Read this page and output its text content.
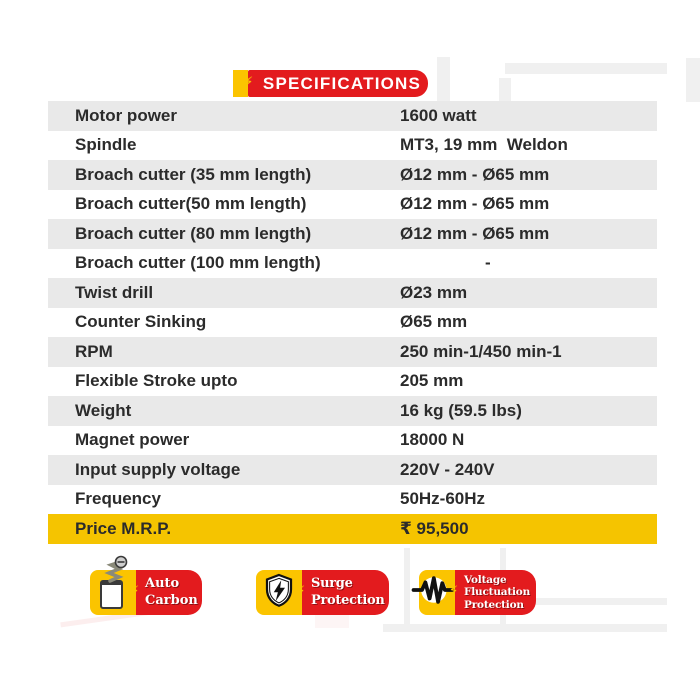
⚡ SPECIFICATIONS
Motor power	1600 watt
Spindle	MT3, 19 mm  Weldon
Broach cutter (35 mm length)	Ø12 mm - Ø65 mm
Broach cutter(50 mm length)	Ø12 mm - Ø65 mm
Broach cutter (80 mm length)	Ø12 mm - Ø65 mm
Broach cutter (100 mm length)	-
Twist drill	Ø23 mm
Counter Sinking	Ø65 mm
RPM	250 min-1/450 min-1
Flexible Stroke upto	205 mm
Weight	16 kg (59.5 lbs)
Magnet power	18000 N
Input supply voltage	220V - 240V
Frequency	50Hz-60Hz
Price M.R.P.	₹ 95,500
⚡ Auto
Carbon
⚡ Surge
Protection
⚡
Voltage
Fluctuation
Protection
